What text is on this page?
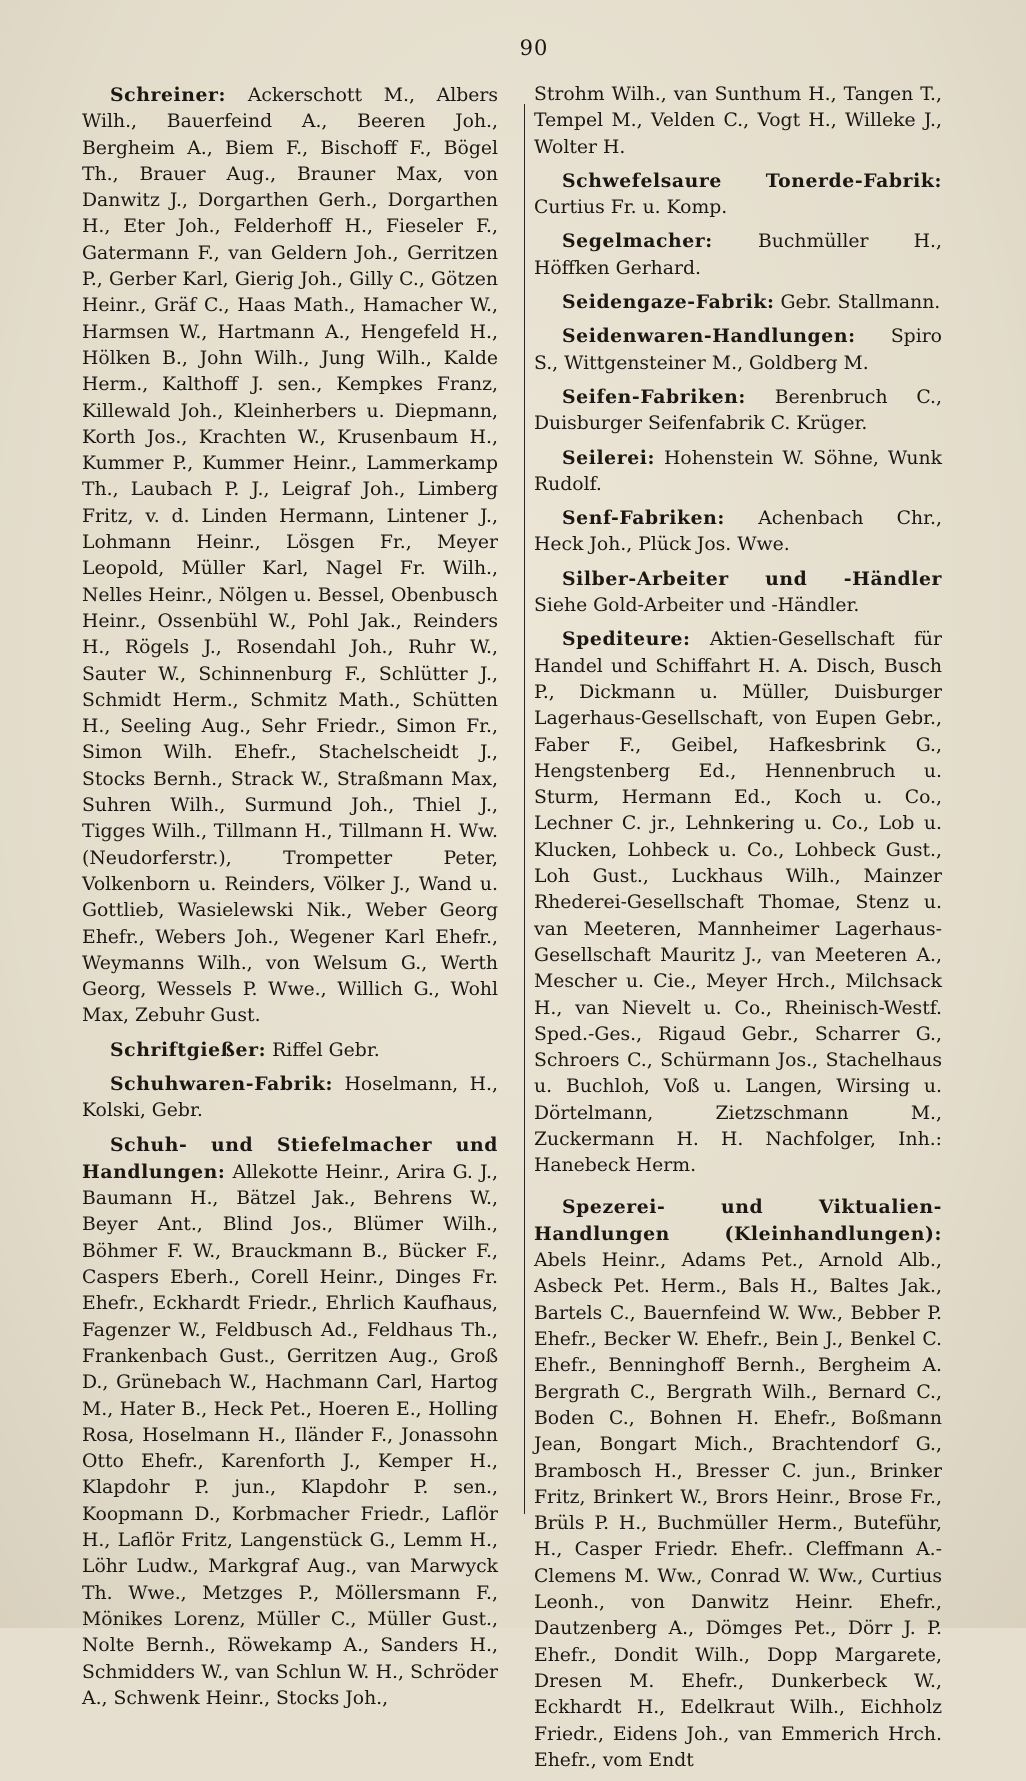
90

Schreiner: Ackerschott M., Albers Wilh., Bauerfeind A., Beeren Joh., Bergheim A., Biem F., Bischoff F., Bögel Th., Brauer Aug., Brauner Max, von Danwitz J., Dorgarthen Gerh., Dorgarthen H., Eter Joh., Felderhoff H., Fieseler F., Gatermann F., van Geldern Joh., Gerritzen P., Gerber Karl, Gierig Joh., Gilly C., Götzen Heinr., Gräf C., Haas Math., Hamacher W., Harmsen W., Hartmann A., Hengefeld H., Hölken B., John Wilh., Jung Wilh., Kalde Herm., Kalthoff J. sen., Kempkes Franz, Killewald Joh., Kleinherbers u. Diepmann, Korth Jos., Krachten W., Krusenbaum H., Kummer P., Kummer Heinr., Lammerkamp Th., Laubach P. J., Leigraf Joh., Limberg Fritz, v. d. Linden Hermann, Lintener J., Lohmann Heinr., Lösgen Fr., Meyer Leopold, Müller Karl, Nagel Fr. Wilh., Nelles Heinr., Nölgen u. Bessel, Obenbusch Heinr., Ossenbühl W., Pohl Jak., Reinders H., Rögels J., Rosendahl Joh., Ruhr W., Sauter W., Schinnenburg F., Schlütter J., Schmidt Herm., Schmitz Math., Schütten H., Seeling Aug., Sehr Friedr., Simon Fr., Simon Wilh. Ehefr., Stachelscheidt J., Stocks Bernh., Strack W., Straßmann Max, Suhren Wilh., Surmund Joh., Thiel J., Tigges Wilh., Tillmann H., Tillmann H. Ww. (Neudorferstr.), Trompetter Peter, Volkenborn u. Reinders, Völker J., Wand u. Gottlieb, Wasielewski Nik., Weber Georg Ehefr., Webers Joh., Wegener Karl Ehefr., Weymanns Wilh., von Welsum G., Werth Georg, Wessels P. Wwe., Willich G., Wohl Max, Zebuhr Gust.

Schriftgießer: Riffel Gebr.

Schuhwaren-Fabrik: Hoselmann, H., Kolski, Gebr.

Schuh- und Stiefelmacher und Handlungen: Allekotte Heinr., Arira G. J., Baumann H., Bätzel Jak., Behrens W., Beyer Ant., Blind Jos., Blümer Wilh., Böhmer F. W., Brauckmann B., Bücker F., Caspers Eberh., Corell Heinr., Dinges Fr. Ehefr., Eckhardt Friedr., Ehrlich Kaufhaus, Fagenzer W., Feldbusch Ad., Feldhaus Th., Frankenbach Gust., Gerritzen Aug., Groß D., Grünebach W., Hachmann Carl, Hartog M., Hater B., Heck Pet., Hoeren E., Holling Rosa, Hoselmann H., Iländer F., Jonassohn Otto Ehefr., Karenforth J., Kemper H., Klapdohr P. jun., Klapdohr P. sen., Koopmann D., Korbmacher Friedr., Laflör H., Laflör Fritz, Langenstück G., Lemm H., Löhr Ludw., Markgraf Aug., van Marwyck Th. Wwe., Metzges P., Möllersmann F., Mönikes Lorenz, Müller C., Müller Gust., Nolte Bernh., Röwekamp A., Sanders H., Schmidders W., van Schlun W. H., Schröder A., Schwenk Heinr., Stocks Joh.,

Strohm Wilh., van Sunthum H., Tangen T., Tempel M., Velden C., Vogt H., Willeke J., Wolter H.

Schwefelsaure Tonerde-Fabrik: Curtius Fr. u. Komp.

Segelmacher: Buchmüller H., Höffken Gerhard.

Seidengaze-Fabrik: Gebr. Stallmann.

Seidenwaren-Handlungen: Spiro S., Wittgensteiner M., Goldberg M.

Seifen-Fabriken: Berenbruch C., Duisburger Seifenfabrik C. Krüger.

Seilerei: Hohenstein W. Söhne, Wunk Rudolf.

Senf-Fabriken: Achenbach Chr., Heck Joh., Plück Jos. Wwe.

Silber-Arbeiter und -Händler Siehe Gold-Arbeiter und -Händler.

Spediteure: Aktien-Gesellschaft für Handel und Schiffahrt H. A. Disch, Busch P., Dickmann u. Müller, Duisburger Lagerhaus-Gesellschaft, von Eupen Gebr., Faber F., Geibel, Hafkesbrink G., Hengstenberg Ed., Hennenbruch u. Sturm, Hermann Ed., Koch u. Co., Lechner C. jr., Lehnkering u. Co., Lob u. Klucken, Lohbeck u. Co., Lohbeck Gust., Loh Gust., Luckhaus Wilh., Mainzer Rhederei-Gesellschaft Thomae, Stenz u. van Meeteren, Mannheimer Lagerhaus-Gesellschaft Mauritz J., van Meeteren A., Mescher u. Cie., Meyer Hrch., Milchsack H., van Nievelt u. Co., Rheinisch-Westf. Sped.-Ges., Rigaud Gebr., Scharrer G., Schroers C., Schürmann Jos., Stachelhaus u. Buchloh, Voß u. Langen, Wirsing u. Dörtelmann, Zietzschmann M., Zuckermann H. H. Nachfolger, Inh.: Hanebeck Herm.

Spezerei- und Viktualien-Handlungen (Kleinhandlungen): Abels Heinr., Adams Pet., Arnold Alb., Asbeck Pet. Herm., Bals H., Baltes Jak., Bartels C., Bauernfeind W. Ww., Bebber P. Ehefr., Becker W. Ehefr., Bein J., Benkel C. Ehefr., Benninghoff Bernh., Bergheim A. Bergrath C., Bergrath Wilh., Bernard C., Boden C., Bohnen H. Ehefr., Boßmann Jean, Bongart Mich., Brachtendorf G., Brambosch H., Bresser C. jun., Brinker Fritz, Brinkert W., Brors Heinr., Brose Fr., Brüls P. H., Buchmüller Herm., Buteführ, H., Casper Friedr. Ehefr.. Cleffmann A.-Clemens M. Ww., Conrad W. Ww., Curtius Leonh., von Danwitz Heinr. Ehefr., Dautzenberg A., Dömges Pet., Dörr J. P. Ehefr., Dondit Wilh., Dopp Margarete, Dresen M. Ehefr., Dunkerbeck W., Eckhardt H., Edelkraut Wilh., Eichholz Friedr., Eidens Joh., van Emmerich Hrch. Ehefr., vom Endt
